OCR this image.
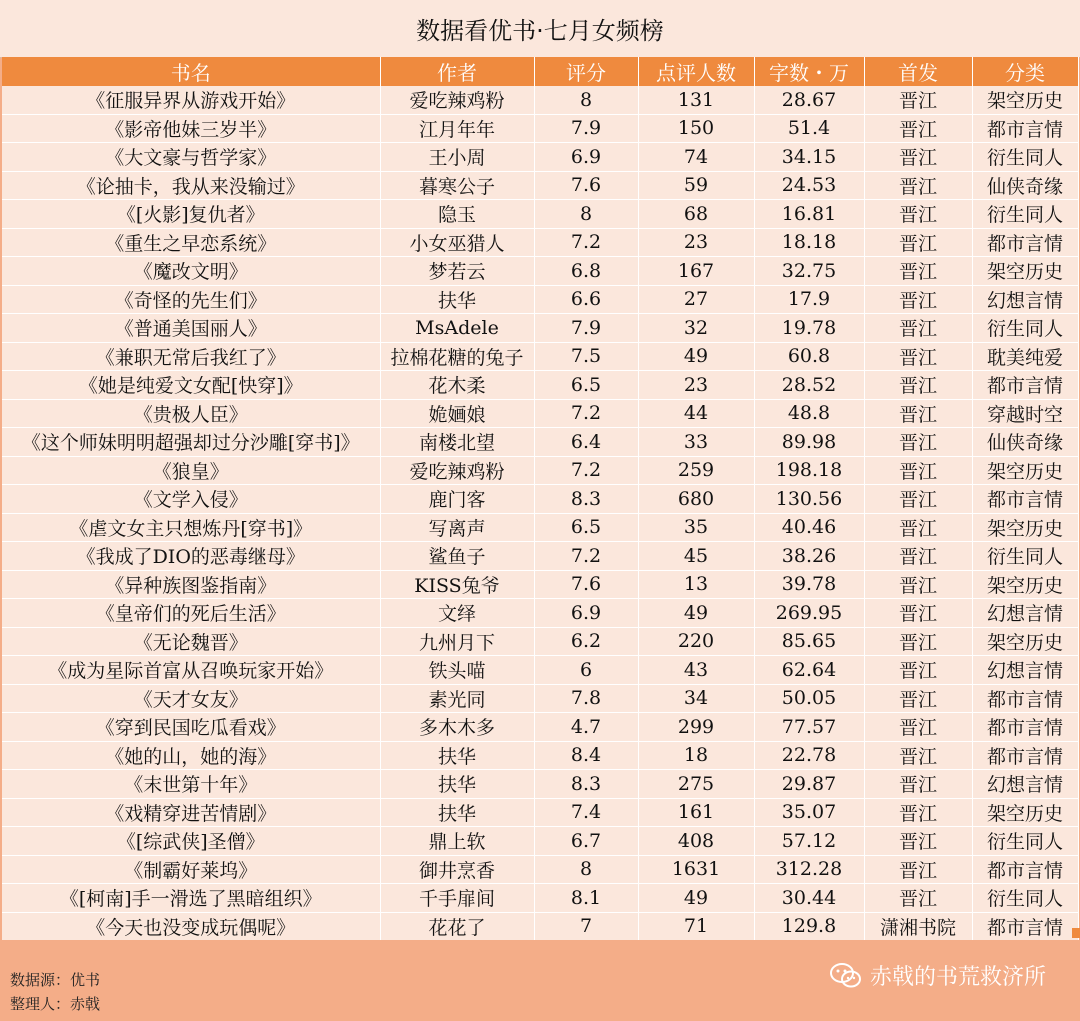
数据看优书·七月女频榜
书名	作者	评分	点评人数	字数・万	首发	分类
《征服异界从游戏开始》	爱吃辣鸡粉	8	131	28.67	晋江	架空历史
《影帝他妹三岁半》	江月年年	7.9	150	51.4	晋江	都市言情
《大文豪与哲学家》	王小周	6.9	74	34.15	晋江	衍生同人
《论抽卡，我从来没输过》	暮寒公子	7.6	59	24.53	晋江	仙侠奇缘
《[火影]复仇者》	隐玉	8	68	16.81	晋江	衍生同人
《重生之早恋系统》	小女巫猎人	7.2	23	18.18	晋江	都市言情
《魔改文明》	梦若云	6.8	167	32.75	晋江	架空历史
《奇怪的先生们》	扶华	6.6	27	17.9	晋江	幻想言情
《普通美国丽人》	MsAdele	7.9	32	19.78	晋江	衍生同人
《兼职无常后我红了》	拉棉花糖的兔子	7.5	49	60.8	晋江	耽美纯爱
《她是纯爱文女配[快穿]》	花木柔	6.5	23	28.52	晋江	都市言情
《贵极人臣》	姽婳娘	7.2	44	48.8	晋江	穿越时空
《这个师妹明明超强却过分沙雕[穿书]》	南楼北望	6.4	33	89.98	晋江	仙侠奇缘
《狼皇》	爱吃辣鸡粉	7.2	259	198.18	晋江	架空历史
《文学入侵》	鹿门客	8.3	680	130.56	晋江	都市言情
《虐文女主只想炼丹[穿书]》	写离声	6.5	35	40.46	晋江	架空历史
《我成了DIO的恶毒继母》	鲨鱼子	7.2	45	38.26	晋江	衍生同人
《异种族图鉴指南》	KISS兔爷	7.6	13	39.78	晋江	架空历史
《皇帝们的死后生活》	文绎	6.9	49	269.95	晋江	幻想言情
《无论魏晋》	九州月下	6.2	220	85.65	晋江	架空历史
《成为星际首富从召唤玩家开始》	铁头喵	6	43	62.64	晋江	幻想言情
《天才女友》	素光同	7.8	34	50.05	晋江	都市言情
《穿到民国吃瓜看戏》	多木木多	4.7	299	77.57	晋江	都市言情
《她的山，她的海》	扶华	8.4	18	22.78	晋江	都市言情
《末世第十年》	扶华	8.3	275	29.87	晋江	幻想言情
《戏精穿进苦情剧》	扶华	7.4	161	35.07	晋江	架空历史
《[综武侠]圣僧》	鼎上软	6.7	408	57.12	晋江	衍生同人
《制霸好莱坞》	御井烹香	8	1631	312.28	晋江	都市言情
《[柯南]手一滑选了黑暗组织》	千手扉间	8.1	49	30.44	晋江	衍生同人
《今天也没变成玩偶呢》	花花了	7	71	129.8	潇湘书院	都市言情
数据源：优书
整理人：赤戟
赤戟的书荒救济所
